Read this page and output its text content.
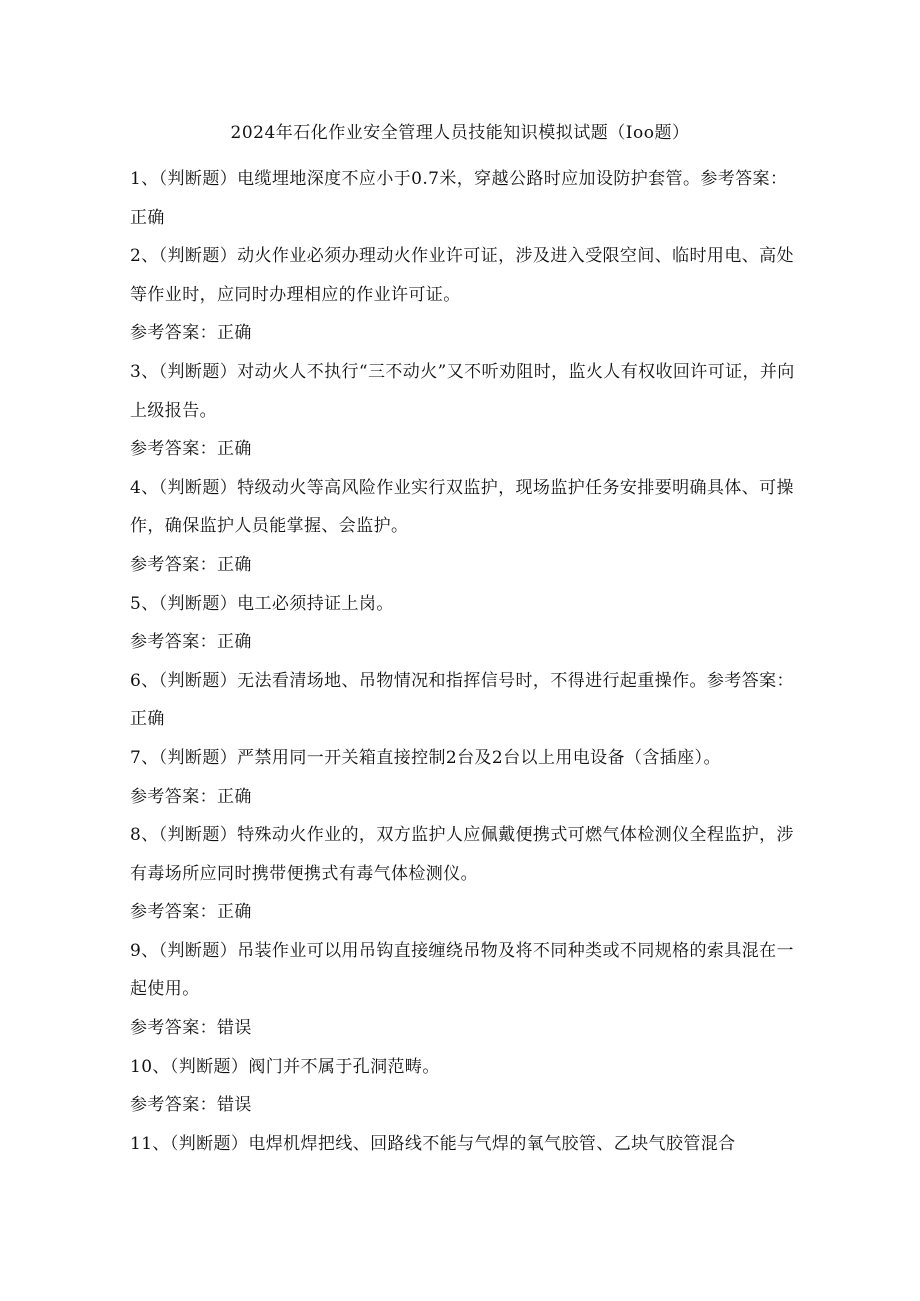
2024年石化作业安全管理人员技能知识模拟试题（Ioo题）

1、（判断题）电缆埋地深度不应小于0.7米，穿越公路时应加设防护套管。参考答案：正确

2、（判断题）动火作业必须办理动火作业许可证，涉及进入受限空间、临时用电、高处等作业时，应同时办理相应的作业许可证。

参考答案：正确

3、（判断题）对动火人不执行“三不动火”又不听劝阻时，监火人有权收回许可证，并向上级报告。

参考答案：正确

4、（判断题）特级动火等高风险作业实行双监护，现场监护任务安排要明确具体、可操作，确保监护人员能掌握、会监护。

参考答案：正确

5、（判断题）电工必须持证上岗。

参考答案：正确

6、（判断题）无法看清场地、吊物情况和指挥信号时，不得进行起重操作。参考答案：正确

7、（判断题）严禁用同一开关箱直接控制2台及2台以上用电设备（含插座）。

参考答案：正确

8、（判断题）特殊动火作业的，双方监护人应佩戴便携式可燃气体检测仪全程监护，涉有毒场所应同时携带便携式有毒气体检测仪。

参考答案：正确

9、（判断题）吊装作业可以用吊钩直接缠绕吊物及将不同种类或不同规格的索具混在一起使用。

参考答案：错误

10、（判断题）阀门并不属于孔洞范畴。

参考答案：错误

11、（判断题）电焊机焊把线、回路线不能与气焊的氧气胶管、乙块气胶管混合
